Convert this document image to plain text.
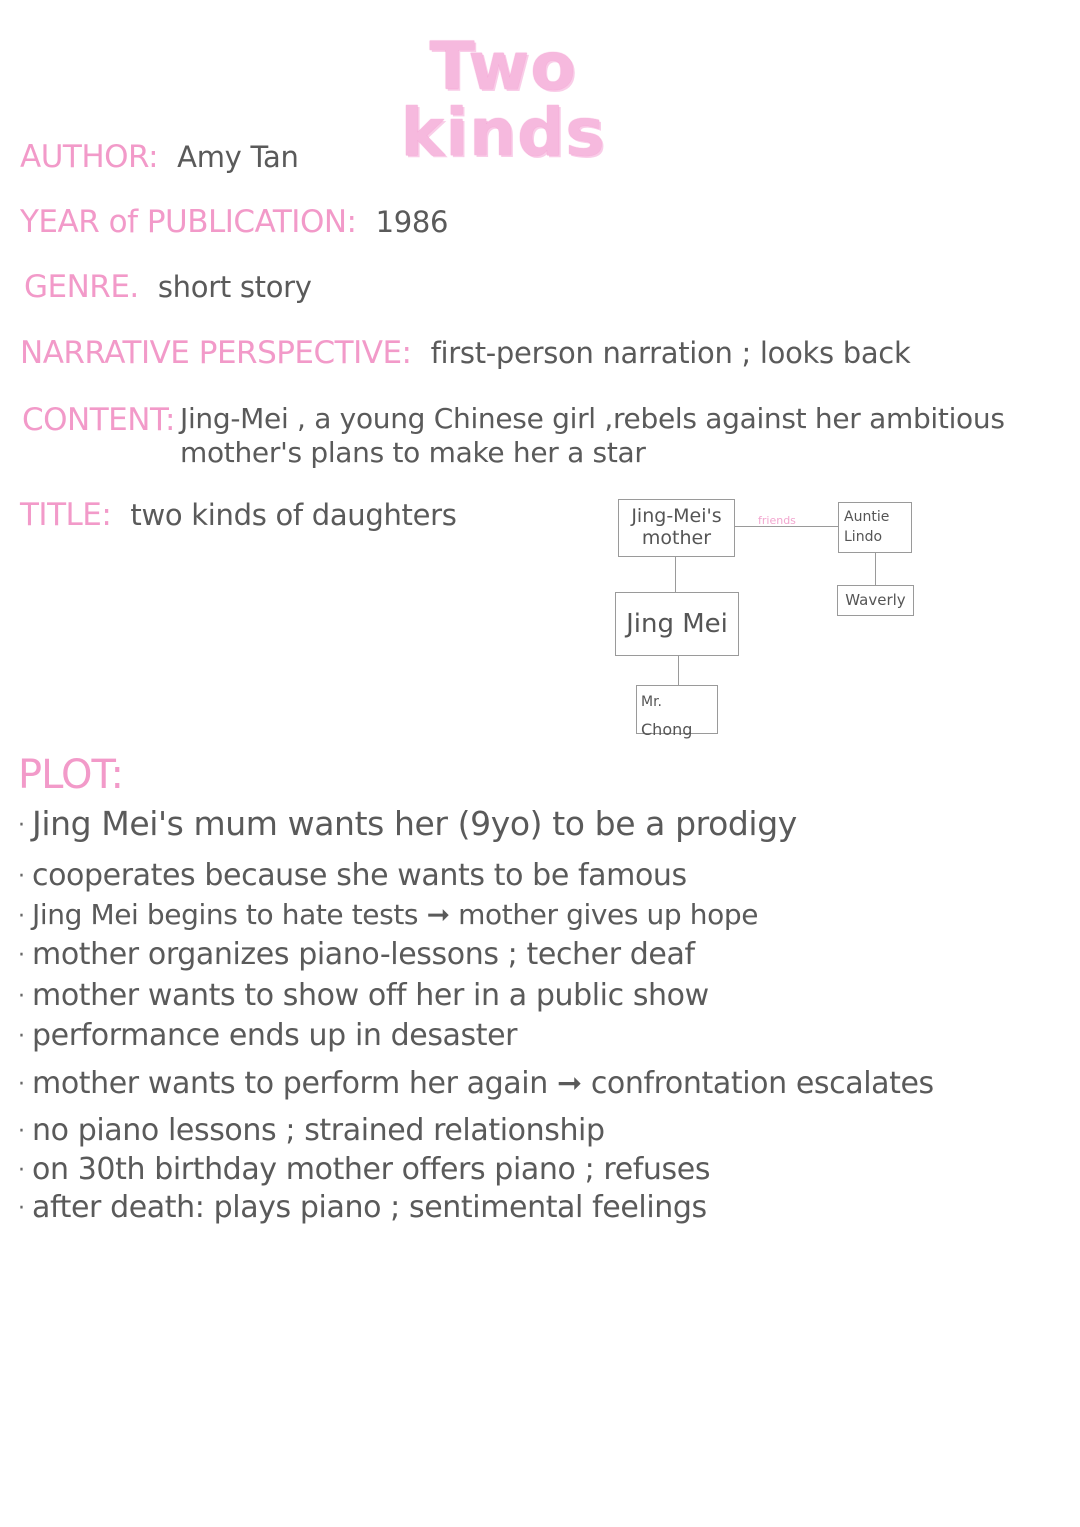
Two kinds
AUTHOR: Amy Tan
YEAR of PUBLICATION: 1986
GENRE. short story
NARRATIVE PERSPECTIVE: first-person narration ; looks back
CONTENT: Jing-Mei , a young Chinese girl ,rebels against her ambitious
mother's plans to make her a star
TITLE: two kinds of daughters	Jing-Mei's
mother
friends	Auntie
Lindo
Waverly
Jing Mei
Mr. Chong
PLOT:
· Jing Mei's mum wants her (9yo) to be a prodigy
· cooperates because she wants to be famous
· Jing Mei begins to hate tests ➞ mother gives up hope
· mother organizes piano-lessons ; techer deaf
· mother wants to show off her in a public show
· performance ends up in desaster
· mother wants to perform her again ➞ confrontation escalates
· no piano lessons ; strained relationship
· on 30th birthday mother offers piano ; refuses
· after death: plays piano ; sentimental feelings
